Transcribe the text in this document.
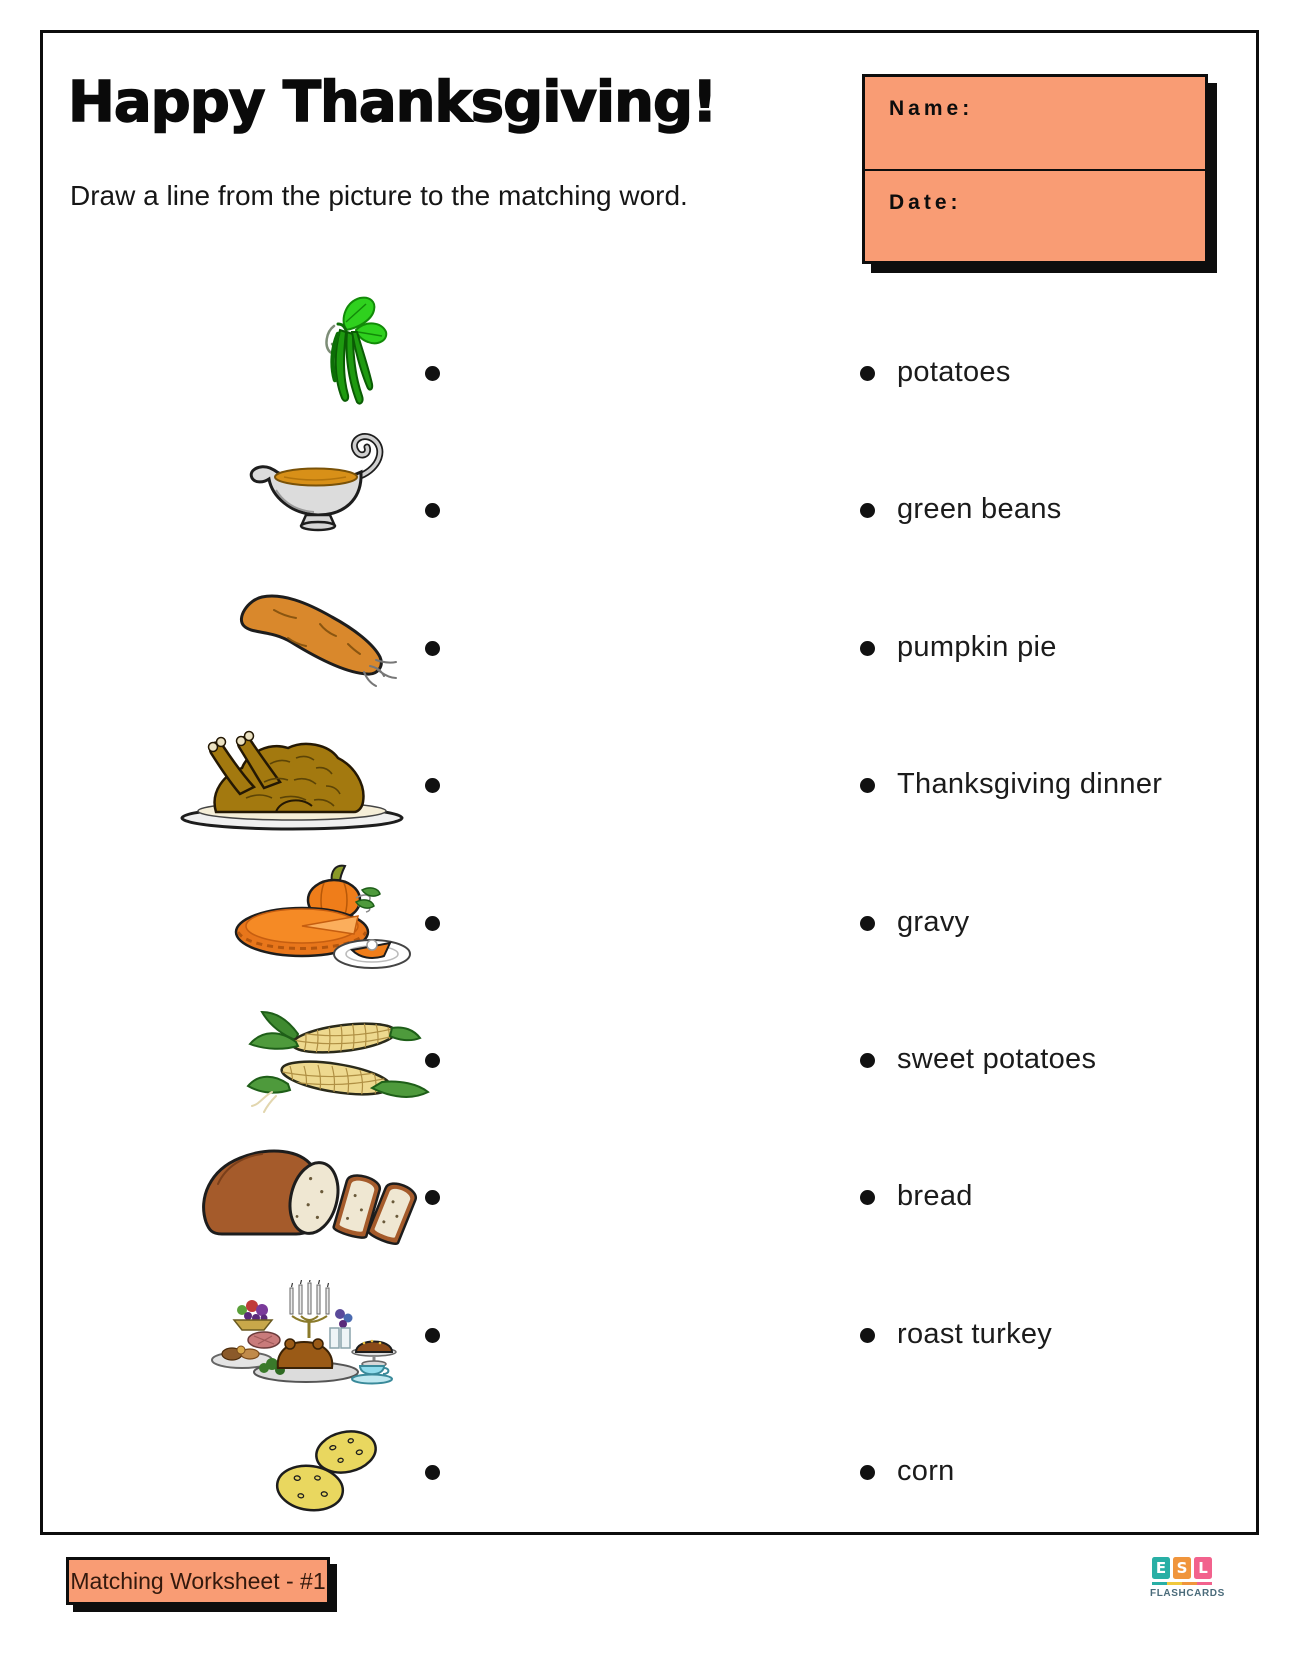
Happy Thanksgiving!
Draw a line from the picture to the matching word.
Name:
Date:
potatoes
green beans
pumpkin pie
Thanksgiving dinner
gravy
sweet potatoes
bread
roast turkey
corn
Matching Worksheet - #1	E S L
FLASHCARDS
